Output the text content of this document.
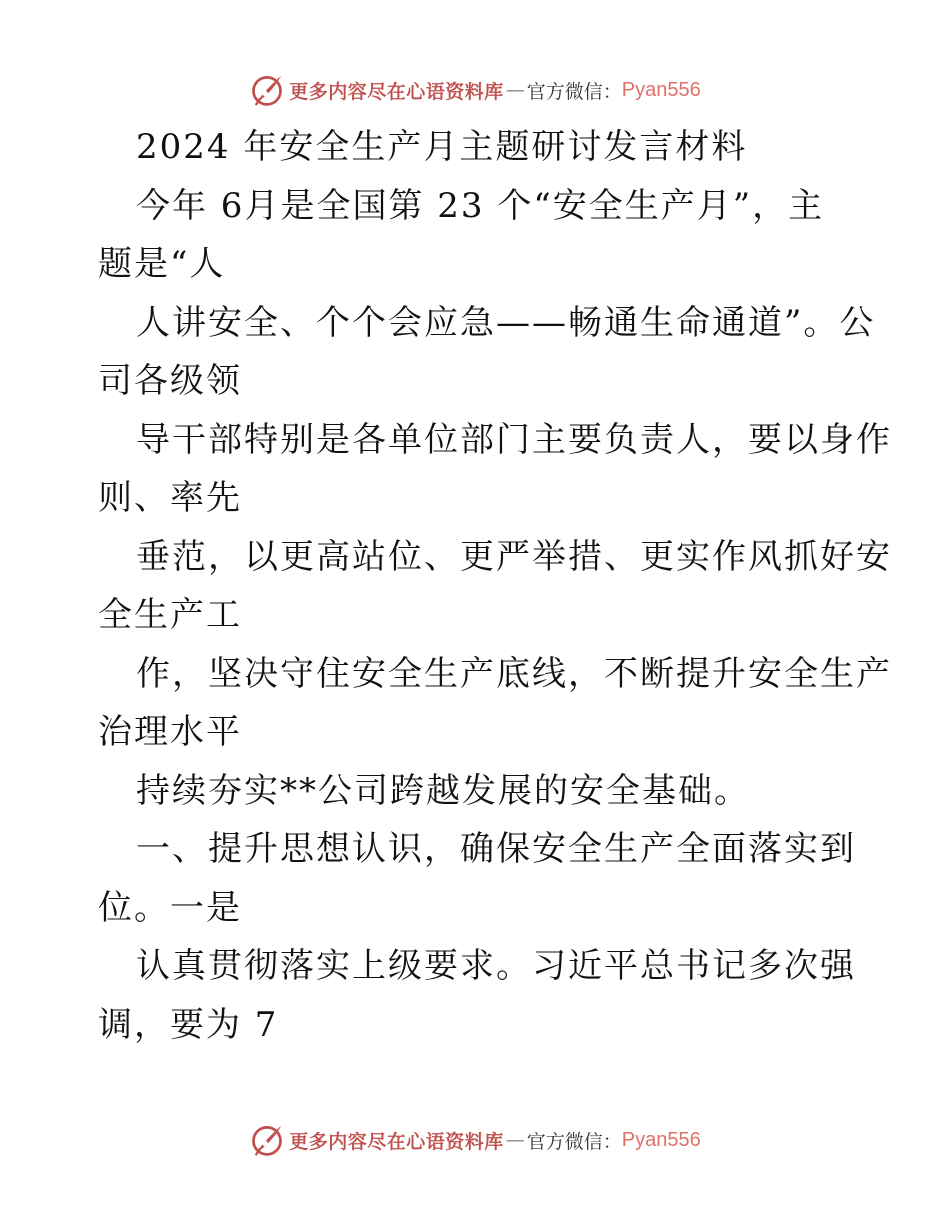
更多内容尽在心语资料库 — 官方微信： Pyan556
2024 年安全生产月主题研讨发言材料
今年 6月是全国第 23 个“安全生产月”，主
题是“人
人讲安全、个个会应急——畅通生命通道”。公
司各级领
导干部特别是各单位部门主要负责人，要以身作
则、率先
垂范，以更高站位、更严举措、更实作风抓好安
全生产工
作，坚决守住安全生产底线，不断提升安全生产
治理水平
持续夯实**公司跨越发展的安全基础。
一、提升思想认识，确保安全生产全面落实到
位。一是
认真贯彻落实上级要求。习近平总书记多次强
调，要为 7
更多内容尽在心语资料库 — 官方微信： Pyan556
